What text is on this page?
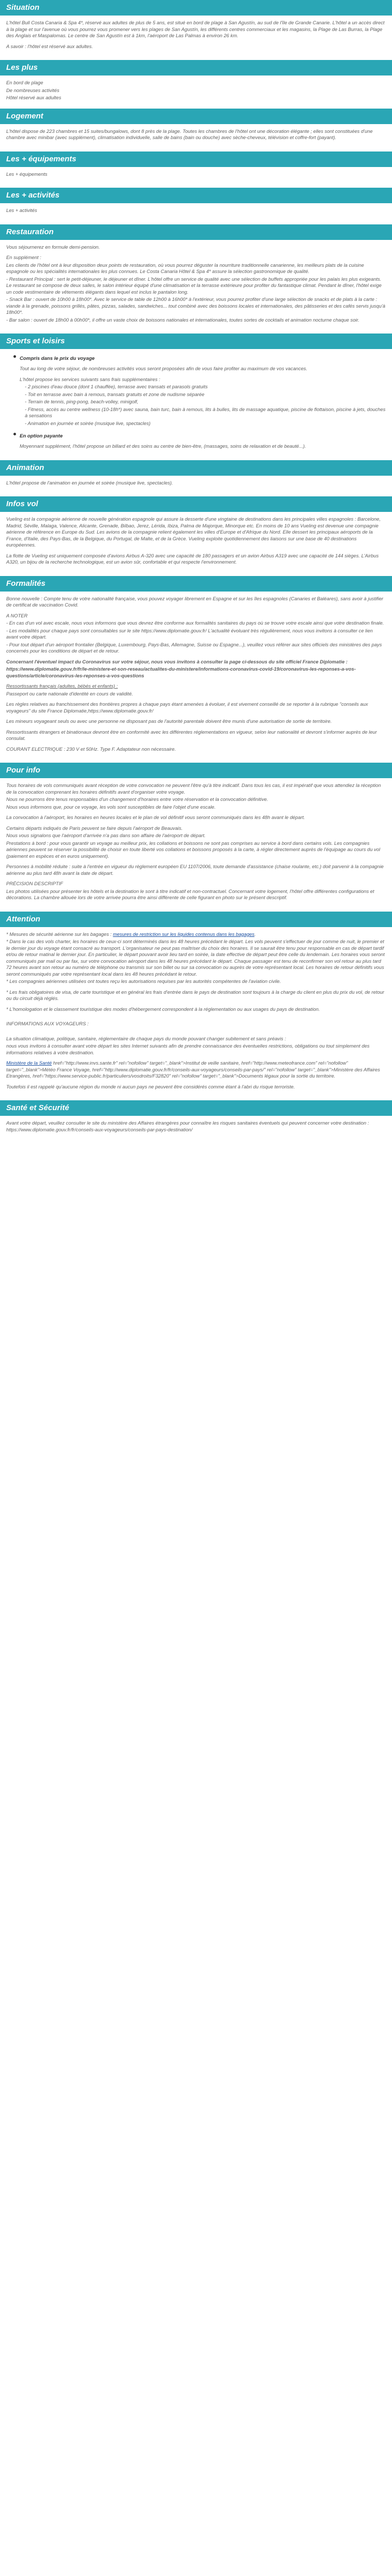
Situation

L'hôtel Bull Costa Canaria & Spa 4*, réservé aux adultes de plus de 5 ans, est situé en bord de plage à San Agustín, au sud de l'île de Grande Canarie. L'hôtel a un accès direct à la plage et sur l'avenue où vous pourrez vous promener vers les plages de San Agustín, les différents centres commerciaux et les magasins, la Plage de Las Burras, la Plage des Anglais et Maspalomas. Le centre de San Agustín est à 1km, l'aéroport de Las Palmas à environ 26 km.

A savoir : l'hôtel est réservé aux adultes.

Les plus

En bord de plage

De nombreuses activités

Hôtel réservé aux adultes

Logement

L'hôtel dispose de 223 chambres et 15 suites/bungalows, dont 8 près de la plage. Toutes les chambres de l'hôtel ont une décoration élégante ; elles sont constituées d'une chambre avec minibar (avec supplément), climatisation individuelle, salle de bains (bain ou douche) avec sèche-cheveux, télévision et coffre-fort (payant).

Les + équipements

Les + équipements

Les + activités

Les + activités

Restauration

Vous séjournerez en formule demi-pension.

En supplément :

Les clients de l'hôtel ont à leur disposition deux points de restauration, où vous pourrez déguster la nourriture traditionnelle canarienne, les meilleurs plats de la cuisine espagnole ou les spécialités internationales les plus connues. Le Costa Canaria Hôtel & Spa 4* assure la sélection gastronomique de qualité.

- Restaurant Principal : sert le petit-déjeuner, le déjeuner et dîner. L'hôtel offre un service de qualité avec une sélection de buffets appropriée pour les palais les plus exigeants. Le restaurant se compose de deux salles, le salon intérieur équipé d'une climatisation et la terrasse extérieure pour profiter du fantastique climat. Pendant le dîner, l'hôtel exige un code vestimentaire de vêtements élégants dans lequel est inclus le pantalon long.

- Snack Bar : ouvert de 10h00 à 18h00*. Avec le service de table de 12h00 à 16h00* à l'extérieur, vous pourrez profiter d'une large sélection de snacks et de plats à la carte : viande à la grenade, poissons grillés, pâtes, pizzas, salades, sandwiches... tout combiné avec des boissons locales et internationales, des pâtisseries et des cafés servis jusqu'à 18h00*.

- Bar salon : ouvert de 18h00 à 00h00*, il offre un vaste choix de boissons nationales et internationales, toutes sortes de cocktails et animation nocturne chaque soir.

Sports et loisirs
Compris dans le prix du voyage

Tout au long de votre séjour, de nombreuses activités vous seront proposées afin de vous faire profiter au maximum de vos vacances.

L'hôtel propose les services suivants sans frais supplémentaires :

- 2 piscines d'eau douce (dont 1 chauffée), terrasse avec transats et parasols gratuits

- Toit en terrasse avec bain à remous, transats gratuits et zone de nudisme séparée

- Terrain de tennis, ping-pong, beach-volley, minigolf,

- Fitness, accès au centre wellness (10-18h*) avec sauna, bain turc, bain à remous, lits à bulles, lits de massage aquatique, piscine de flottaison, piscine à jets, douches à sensations

- Animation en journée et soirée (musique live, spectacles)

En option payante

Moyennant supplément, l'hôtel propose un billard et des soins au centre de bien-être, (massages, soins de relaxation et de beauté...).

Animation

L'hôtel propose de l'animation en journée et soirée (musique live, spectacles).

Infos vol

Vueling est la compagnie aérienne de nouvelle génération espagnole qui assure la desserte d'une vingtaine de destinations dans les principales villes espagnoles : Barcelone, Madrid, Séville, Malaga, Valence, Alicante, Grenade, Bilbao, Jerez, Lérida, Ibiza, Palma de Majorque, Minorque etc. En moins de 10 ans Vueling est devenue une compagnie aérienne de référence en Europe du Sud. Les avions de la compagnie relient également les villes d'Europe et d'Afrique du Nord. Elle dessert les principaux aéroports de la France, d'Italie, des Pays-Bas, de la Belgique, du Portugal, de Malte, et de la Grèce. Vueling exploite quotidiennement des liaisons sur une base de 40 destinations européennes.

La flotte de Vueling est uniquement composée d'avions Airbus A-320 avec une capacité de 180 passagers et un avion Airbus A319 avec une capacité de 144 sièges. L'Airbus A320, un bijou de la recherche technologique, est un avion sûr, confortable et qui respecte l'environnement.

Formalités

Bonne nouvelle : Compte tenu de votre nationalité française, vous pouvez voyager librement en Espagne et sur les îles espagnoles (Canaries et Baléares), sans avoir à justifier de certificat de vaccination Covid.

A NOTER

- En cas d'un vol avec escale, nous vous informons que vous devrez être conforme aux formalités sanitaires du pays où se trouve votre escale ainsi que votre destination finale.

- Les modalités pour chaque pays sont consultables sur le site https://www.diplomatie.gouv.fr/ L'actualité évoluant très régulièrement, nous vous invitons à consulter ce lien avant votre départ.

- Pour tout départ d'un aéroport frontalier (Belgique, Luxembourg, Pays-Bas, Allemagne, Suisse ou Espagne...), veuillez vous référer aux sites officiels des ministères des pays concernés pour les conditions de départ et de retour.

Concernant l'éventuel impact du Coronavirus sur votre séjour, nous vous invitons à consulter la page ci-dessous du site officiel France Diplomatie :

https://www.diplomatie.gouv.fr/fr/le-ministere-et-son-reseau/actualites-du-ministere/informations-coronavirus-covid-19/coronavirus-les-reponses-a-vos-questions/article/coronavirus-les-reponses-a-vos-questions

Ressortissants français (adultes, bébés et enfants) :

Passeport ou carte nationale d'identité en cours de validité.

Les règles relatives au franchissement des frontières propres à chaque pays étant amenées à évoluer, il est vivement conseillé de se reporter à la rubrique "conseils aux voyageurs" du site France Diplomatie,https://www.diplomatie.gouv.fr/

Les mineurs voyageant seuls ou avec une personne ne disposant pas de l'autorité parentale doivent être munis d'une autorisation de sortie de territoire.

Ressortissants étrangers et binationaux devront être en conformité avec les différentes réglementations en vigueur, selon leur nationalité et devront s'informer auprès de leur consulat.

COURANT ELECTRIQUE : 230 V et 50Hz. Type F. Adaptateur non nécessaire.

Pour info

Tous horaires de vols communiqués avant réception de votre convocation ne peuvent l'être qu'à titre indicatif. Dans tous les cas, il est impératif que vous attendiez la réception de la convocation comprenant les horaires définitifs avant d'organiser votre voyage.

Nous ne pourrons être tenus responsables d'un changement d'horaires entre votre réservation et la convocation définitive.

Nous vous informons que, pour ce voyage, les vols sont susceptibles de faire l'objet d'une escale.

La convocation à l'aéroport, les horaires en heures locales et le plan de vol définitif vous seront communiqués dans les 48h avant le départ.

Certains départs indiqués de Paris peuvent se faire depuis l'aéroport de Beauvais.

Nous vous signalons que l'aéroport d'arrivée n'a pas dans son affaire de l'aéroport de départ.

Prestations à bord : pour vous garantir un voyage au meilleur prix, les collations et boissons ne sont pas comprises au service à bord dans certains vols. Les compagnies aériennes peuvent se réserver la possibilité de choisir en toute liberté vos collations et boissons proposés à la carte, à régler directement auprès de l'équipage au cours du vol (paiement en espèces et en euros uniquement).

Personnes à mobilité réduite : suite à l'entrée en vigueur du règlement européen EU 1107/2006, toute demande d'assistance (chaise roulante, etc.) doit parvenir à la compagnie aérienne au plus tard 48h avant la date de départ.

PRÉCISION DESCRIPTIF

Les photos utilisées pour présenter les hôtels et la destination le sont à titre indicatif et non-contractuel. Concernant votre logement, l'hôtel offre différentes configurations et décorations. La chambre allouée lors de votre arrivée pourra être ainsi différente de celle figurant en photo sur le présent descriptif.

Attention

* Mesures de sécurité aérienne sur les bagages : mesures de restriction sur les liquides contenus dans les bagages.

* Dans le cas des vols charter, les horaires de ceux-ci sont déterminés dans les 48 heures précédant le départ. Les vols peuvent s'effectuer de jour comme de nuit, le premier et le dernier jour du voyage étant consacré au transport. L'organisateur ne peut pas maîtriser du choix des horaires. Il se saurait être tenu pour responsable en cas de départ tardif et/ou de retour matinal le dernier jour. En particulier, le départ pouvant avoir lieu tard en soirée, la date effective de départ peut être celle du lendemain. Les horaires vous seront communiqués par mail ou par fax, sur votre convocation aéroport dans les 48 heures précédant le départ. Chaque passager est tenu de reconfirmer son vol retour au plus tard 72 heures avant son retour au numéro de téléphone ou transmis sur son billet ou sur sa convocation ou auprès de votre représentant local. Les horaires de retour définitifs vous seront communiqués par votre représentant local dans les 48 heures précédant le retour.

* Les compagnies aériennes utilisées ont toutes reçu les autorisations requises par les autorités compétentes de l'aviation civile.

* Les frais obligatoires de visa, de carte touristique et en général les frais d'entrée dans le pays de destination sont toujours à la charge du client en plus du prix du vol, de retour ou du circuit déjà réglés.

* L'homologation et le classement touristique des modes d'hébergement correspondent à la réglementation ou aux usages du pays de destination.

INFORMATIONS AUX VOYAGEURS :

La situation climatique, politique, sanitaire, réglementaire de chaque pays du monde pouvant changer subitement et sans préavis :

nous vous invitons à consulter avant votre départ les sites Internet suivants afin de prendre connaissance des éventuelles restrictions, obligations ou tout simplement des informations relatives à votre destination.

Ministère de la Santé href="http://www.invs.sante.fr" rel="nofollow" target="_blank">Institut de veille sanitaire, href="http://www.meteofrance.com" rel="nofollow" target="_blank">Météo France Voyage, href="http://www.diplomatie.gouv.fr/fr/conseils-aux-voyageurs/conseils-par-pays/" rel="nofollow" target="_blank">Ministère des Affaires Etrangères, href="https://www.service-public.fr/particuliers/vosdroits/F32820" rel="nofollow" target="_blank">Documents légaux pour la sortie du territoire.

Toutefois il est rappelé qu'aucune région du monde ni aucun pays ne peuvent être considérés comme étant à l'abri du risque terroriste.

Santé et Sécurité

Avant votre départ, veuillez consulter le site du ministère des Affaires étrangères pour connaître les risques sanitaires éventuels qui peuvent concerner votre destination : https://www.diplomatie.gouv.fr/fr/conseils-aux-voyageurs/conseils-par-pays-destination/
